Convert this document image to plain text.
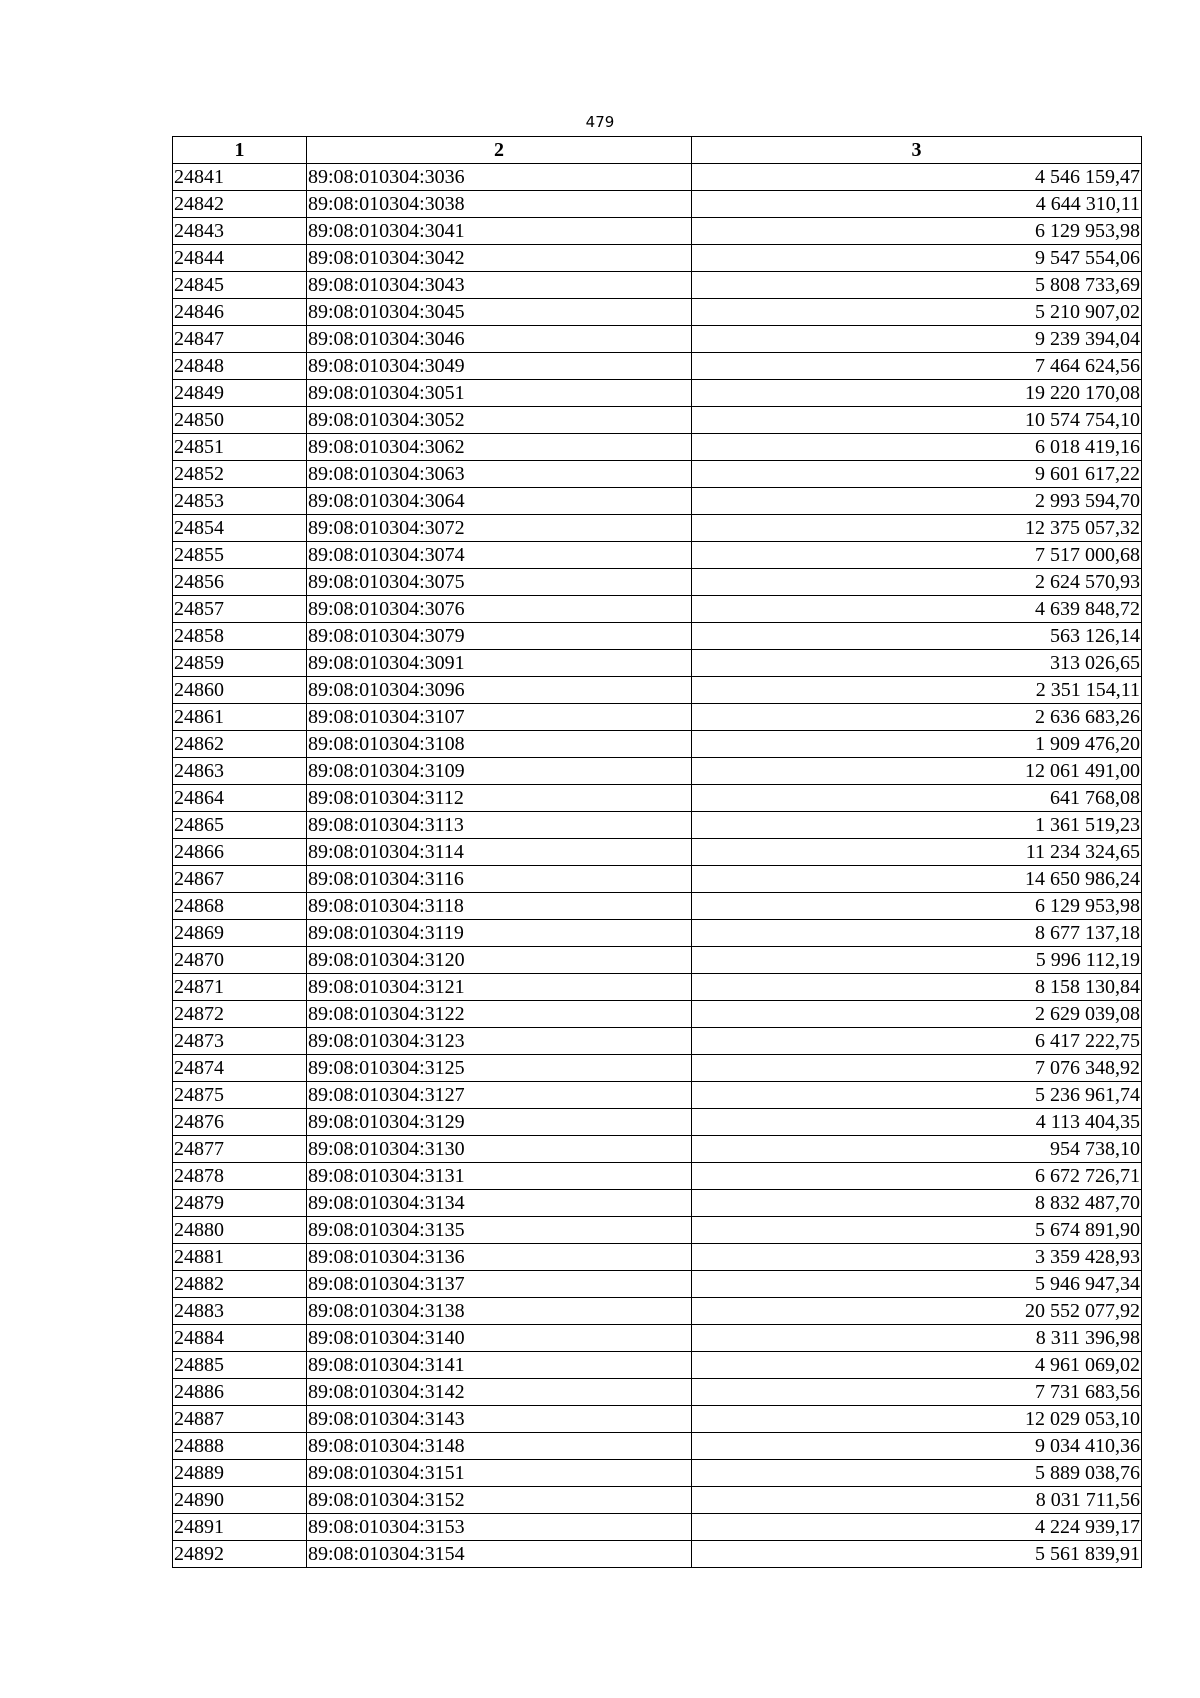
479
1	2	3
24841	89:08:010304:3036	4 546 159,47
24842	89:08:010304:3038	4 644 310,11
24843	89:08:010304:3041	6 129 953,98
24844	89:08:010304:3042	9 547 554,06
24845	89:08:010304:3043	5 808 733,69
24846	89:08:010304:3045	5 210 907,02
24847	89:08:010304:3046	9 239 394,04
24848	89:08:010304:3049	7 464 624,56
24849	89:08:010304:3051	19 220 170,08
24850	89:08:010304:3052	10 574 754,10
24851	89:08:010304:3062	6 018 419,16
24852	89:08:010304:3063	9 601 617,22
24853	89:08:010304:3064	2 993 594,70
24854	89:08:010304:3072	12 375 057,32
24855	89:08:010304:3074	7 517 000,68
24856	89:08:010304:3075	2 624 570,93
24857	89:08:010304:3076	4 639 848,72
24858	89:08:010304:3079	563 126,14
24859	89:08:010304:3091	313 026,65
24860	89:08:010304:3096	2 351 154,11
24861	89:08:010304:3107	2 636 683,26
24862	89:08:010304:3108	1 909 476,20
24863	89:08:010304:3109	12 061 491,00
24864	89:08:010304:3112	641 768,08
24865	89:08:010304:3113	1 361 519,23
24866	89:08:010304:3114	11 234 324,65
24867	89:08:010304:3116	14 650 986,24
24868	89:08:010304:3118	6 129 953,98
24869	89:08:010304:3119	8 677 137,18
24870	89:08:010304:3120	5 996 112,19
24871	89:08:010304:3121	8 158 130,84
24872	89:08:010304:3122	2 629 039,08
24873	89:08:010304:3123	6 417 222,75
24874	89:08:010304:3125	7 076 348,92
24875	89:08:010304:3127	5 236 961,74
24876	89:08:010304:3129	4 113 404,35
24877	89:08:010304:3130	954 738,10
24878	89:08:010304:3131	6 672 726,71
24879	89:08:010304:3134	8 832 487,70
24880	89:08:010304:3135	5 674 891,90
24881	89:08:010304:3136	3 359 428,93
24882	89:08:010304:3137	5 946 947,34
24883	89:08:010304:3138	20 552 077,92
24884	89:08:010304:3140	8 311 396,98
24885	89:08:010304:3141	4 961 069,02
24886	89:08:010304:3142	7 731 683,56
24887	89:08:010304:3143	12 029 053,10
24888	89:08:010304:3148	9 034 410,36
24889	89:08:010304:3151	5 889 038,76
24890	89:08:010304:3152	8 031 711,56
24891	89:08:010304:3153	4 224 939,17
24892	89:08:010304:3154	5 561 839,91
